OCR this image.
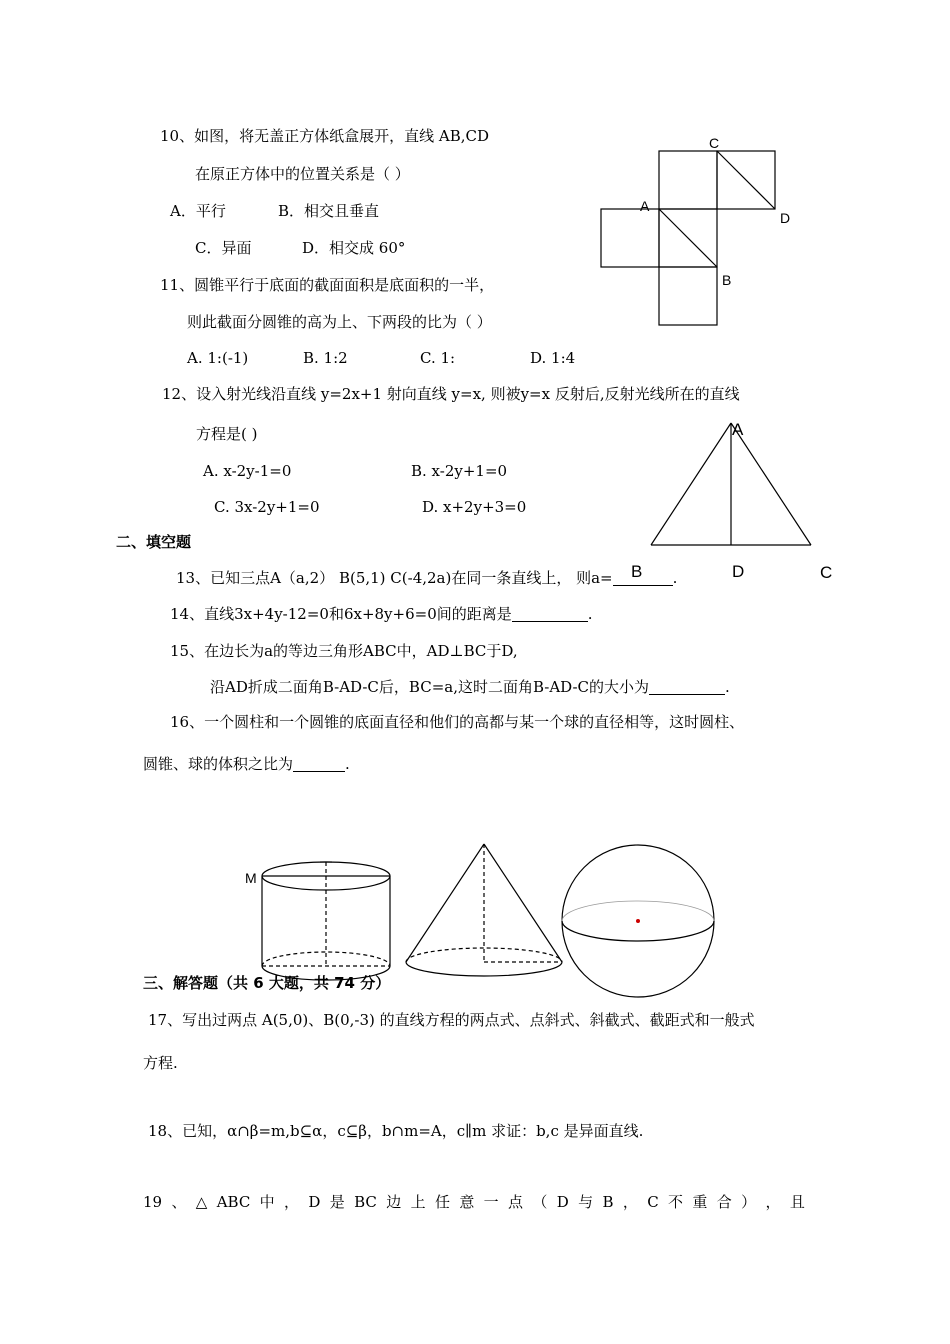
10、如图，将无盖正方体纸盒展开，直线 AB,CD
在原正方体中的位置关系是（ ）
A．平行	B．相交且垂直
C．异面	D．相交成 60°
C
A
D
B
11、圆锥平行于底面的截面面积是底面积的一半，
则此截面分圆锥的高为上、下两段的比为（ ）
A. 1:(-1)	B. 1:2	C. 1:	D. 1:4
12、设入射光线沿直线 y=2x+1 射向直线 y=x, 则被y=x 反射后,反射光线所在的直线
方程是( )
A. x-2y-1=0	B. x-2y+1=0
C. 3x-2y+1=0	D. x+2y+3=0
A
B	D	C
二、填空题
13、已知三点A（a,2） B(5,1) C(-4,2a)在同一条直线上， 则a=	.
14、直线3x+4y-12=0和6x+8y+6=0间的距离是	.
15、在边长为a的等边三角形ABC中，AD⊥BC于D,
沿AD折成二面角B-AD-C后，BC=a,这时二面角B-AD-C的大小为	.
16、一个圆柱和一个圆锥的底面直径和他们的高都与某一个球的直径相等，这时圆柱、
圆锥、球的体积之比为	.
M
三、解答题（共 6 大题，共 74 分）
17、写出过两点 A(5,0)、B(0,-3) 的直线方程的两点式、点斜式、斜截式、截距式和一般式
方程.
18、已知，α∩β=m,b⊆α，c⊆β，b∩m=A，c∥m 求证：b,c 是异面直线.
19 、 △ ABC 中 ， D 是 BC 边 上 任 意 一 点 （ D 与 B ， C 不 重 合 ） ， 且
